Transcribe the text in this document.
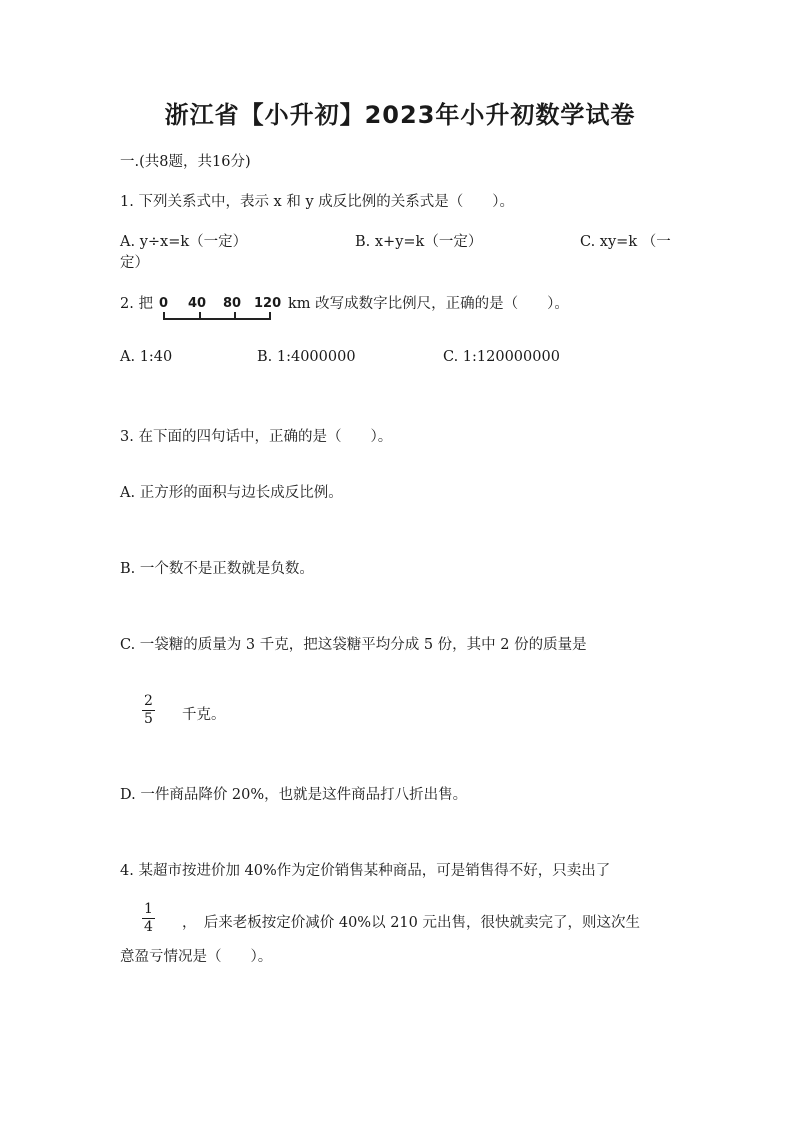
浙江省【小升初】2023年小升初数学试卷
一.(共8题，共16分)
1. 下列关系式中，表示 x 和 y 成反比例的关系式是（　　）。
A. y÷x=k（一定）	B. x+y=k（一定）	C. xy=k （一
定）
2. 把 0 40 80 120 km 改写成数字比例尺，正确的是（　　）。
A. 1:40	B. 1:4000000	C. 1:120000000
3. 在下面的四句话中，正确的是（　　）。
A. 正方形的面积与边长成反比例。
B. 一个数不是正数就是负数。
C. 一袋糖的质量为 3 千克，把这袋糖平均分成 5 份，其中 2 份的质量是
$\frac{2}{5}$ 千克。
D. 一件商品降价 20%，也就是这件商品打八折出售。
4. 某超市按进价加 40%作为定价销售某种商品，可是销售得不好，只卖出了
$\frac{1}{4}$ ，　后来老板按定价减价 40%以 210 元出售，很快就卖完了，则这次生
意盈亏情况是（　　）。
